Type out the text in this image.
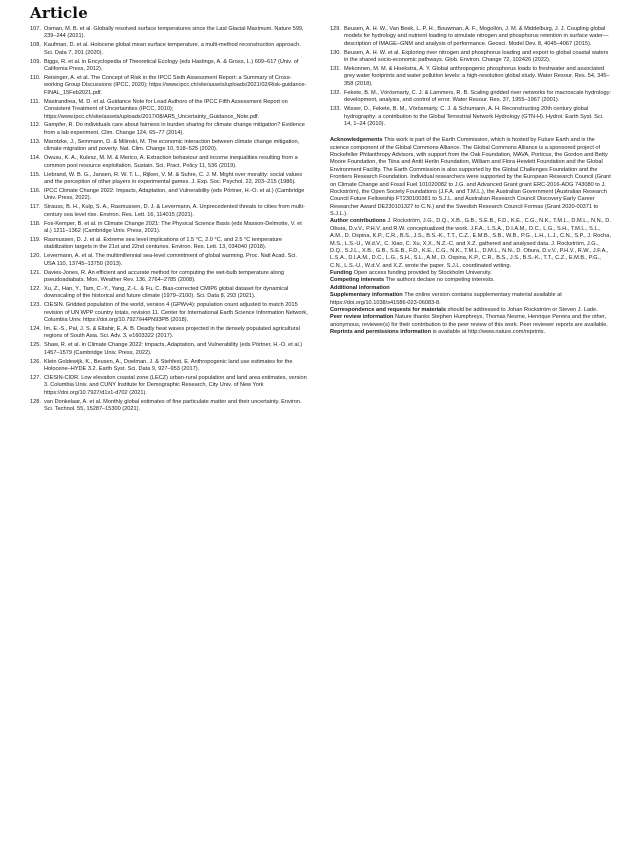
Article
107. Osman, M. B. et al. Globally resolved surface temperatures since the Last Glacial Maximum. Nature 599, 239–244 (2021).
108. Kaufman, D. et al. Holocene global mean surface temperature, a multi-method reconstruction approach. Sci. Data 7, 201 (2020).
109. Biggs, R. et al. in Encyclopedia of Theoretical Ecology (eds Hastings, A. & Gross, L.) 609–617 (Univ. of California Press, 2012).
110. Reisinger, A. et al. The Concept of Risk in the IPCC Sixth Assessment Report: a Summary of Cross-working Group Discussions (IPCC, 2020); https://www.ipcc.ch/site/assets/uploads/2021/02/Risk-guidance-FINAL_15Feb2021.pdf.
111. Mastrandrea, M. D. et al. Guidance Note for Lead Authors of the IPCC Fifth Assessment Report on Consistent Treatment of Uncertainties (IPCC, 2010); https://www.ipcc.ch/site/assets/uploads/2017/08/AR5_Uncertainty_Guidance_Note.pdf.
112. Gampfer, R. Do individuals care about fairness in burden sharing for climate change mitigation? Evidence from a lab experiment. Clim. Change 124, 65–77 (2014).
113. Marotzke, J., Semmann, D. & Milinski, M. The economic interaction between climate change mitigation, climate migration and poverty. Nat. Clim. Change 10, 518–525 (2020).
114. Owusu, K. A., Kulesz, M. M. & Merico, A. Extraction behaviour and income inequalities resulting from a common pool resource exploitation. Sustain. Sci. Pract. Policy 11, 536 (2019).
115. Liebrand, W. B. G., Jansen, R. W. T. L., Rijken, V. M. & Suhre, C. J. M. Might over morality: social values and the perception of other players in experimental games. J. Exp. Soc. Psychol. 22, 203–215 (1986).
116. IPCC Climate Change 2022: Impacts, Adaptation, and Vulnerability (eds Pörtner, H.-O. et al.) (Cambridge Univ. Press, 2022).
117. Strauss, B. H., Kulp, S. A., Rasmussen, D. J. & Levermann, A. Unprecedented threats to cities from multi-century sea level rise. Environ. Res. Lett. 16, 114015 (2021).
118. Fox-Kemper, B. et al. in Climate Change 2021: The Physical Science Basis (eds Masson-Delmotte, V. et al.) 1211–1362 (Cambridge Univ. Press, 2021).
119. Rasmussen, D. J. et al. Extreme sea level implications of 1.5 °C, 2.0 °C, and 2.5 °C temperature stabilization targets in the 21st and 22nd centuries. Environ. Res. Lett. 13, 034040 (2018).
120. Levermann, A. et al. The multimillennial sea-level commitment of global warming. Proc. Natl Acad. Sci. USA 110, 13745–13750 (2013).
121. Davies-Jones, R. An efficient and accurate method for computing the wet-bulb temperature along pseudoadiabats. Mon. Weather Rev. 136, 2764–2785 (2008).
122. Xu, Z., Han, Y., Tam, C.-Y., Yang, Z.-L. & Fu, C. Bias-corrected CMIP6 global dataset for dynamical downscaling of the historical and future climate (1979–2100). Sci. Data 8, 293 (2021).
123. CIESIN. Gridded population of the world, version 4 (GPWv4): population count adjusted to match 2015 revision of UN WPP country totals, revision 11. Center for International Earth Science Information Network, Columbia Univ. https://doi.org/10.7927/H4PN93PB (2018).
124. Im, E.-S., Pal, J. S. & Eltahir, E. A. B. Deadly heat waves projected in the densely populated agricultural regions of South Asia. Sci. Adv. 3, e1603322 (2017).
125. Shaw, R. et al. in Climate Change 2022: Impacts, Adaptation, and Vulnerability (eds Pörtner, H.-O. et al.) 1457–1579 (Cambridge Univ. Press, 2022).
126. Klein Goldewijk, K., Beusen, A., Doelman, J. & Stehfest, E. Anthropogenic land use estimates for the Holocene–HYDE 3.2. Earth Syst. Sci. Data 9, 927–953 (2017).
127. CIESIN-CIDR. Low elevation coastal zone (LECZ) urban-rural population and land area estimates, version 3. Columbia Univ. and CUNY Institute for Demographic Research, City Univ. of New York https://doi.org/10.7927/d1x1-d702 (2021).
128. van Donkelaar, A. et al. Monthly global estimates of fine particulate matter and their uncertainty. Environ. Sci. Technol. 55, 15287–15300 (2021).
129. Beusen, A. H. W., Van Beek, L. P. H., Bouwman, A. F., Mogollón, J. M. & Middelburg, J. J. Coupling global models for hydrology and nutrient loading to simulate nitrogen and phosphorus retention in surface water—description of IMAGE–GNM and analysis of performance. Geosci. Model Dev. 8, 4045–4067 (2015).
130. Beusen, A. H. W. et al. Exploring river nitrogen and phosphorus loading and export to global coastal waters in the shared socio-economic pathways. Glob. Environ. Change 72, 102426 (2022).
131. Mekonnen, M. M. & Hoekstra, A. Y. Global anthropogenic phosphorus loads to freshwater and associated grey water footprints and water pollution levels: a high-resolution global study. Water Resour. Res. 54, 345–358 (2018).
132. Fekete, B. M., Vörösmarty, C. J. & Lammers, R. B. Scaling gridded river networks for macroscale hydrology: development, analysis, and control of error. Water Resour. Res. 37, 1955–1967 (2001).
133. Wisser, D., Fekete, B. M., Vörösmarty, C. J. & Schumann, A. H. Reconstructing 20th century global hydrography: a contribution to the Global Terrestrial Network Hydrology (GTN-H). Hydrol. Earth Syst. Sci. 14, 1–24 (2010).

Acknowledgements This work is part of the Earth Commission, which is hosted by Future Earth and is the science component of the Global Commons Alliance. The Global Commons Alliance is a sponsored project of Rockefeller Philanthropy Advisors, with support from the Oak Foundation, MAVA, Porticus, the Gordon and Betty Moore Foundation, the Tiina and Antti Herlin Foundation, William and Flora Hewlett Foundation and the Global Environment Facility. The Earth Commission is also supported by the Global Challenges Foundation and the Frontiers Research Foundation. Individual researchers were supported by the European Research Council (Grant on Climate Change and Fossil Fuel 101020082 to J.G. and Advanced Grant grant ERC-2016-ADG 743080 to J. Rockström), the Open Society Foundations (J.F.A. and T.M.L.), the Australian Government (Australian Research Council Future Fellowship FT230100381 to S.J.L. and Australian Research Council Discovery Early Career Researcher Award DE230101327 to C.N.) and the Swedish Research Council Formas (Grant 2020-00371 to S.J.L.).

Author contributions J. Rockström, J.G., D.Q., X.B., G.B., S.E.B., F.D., K.E., C.G., N.K., T.M.L., D.M.L., N.N., D. Obura, D.v.V., P.H.V. and R.W. conceptualized the work. J.F.A., L.S.A., D.I.A.M., D.C., L.G., S.H., T.M.L., S.L., A.M., D. Ospina, K.P., C.R., B.S., J.S., B.S.-K., T.T., C.Z., E.M.B., S.B., W.B., P.G., L.H., L.J., C.N., S.P., J. Rocha, M.S., L.S.-U., W.d.V., C. Xiao, C. Xu, X.X., N.Z.-C. and X.Z. gathered and analysed data. J. Rockström, J.G., D.Q., S.J.L., X.B., G.B., S.E.B., F.D., K.E., C.G., N.K., T.M.L., D.M.L., N.N., D. Obura, D.v.V., P.H.V., R.W., J.F.A., L.S.A., D.I.A.M., D.C., L.G., S.H., S.L., A.M., D. Ospina, K.P., C.R., B.S., J.S., B.S.-K., T.T., C.Z., E.M.B., P.G., C.N., L.S.-U., W.d.V. and X.Z. wrote the paper. S.J.L. coordinated writing.

Funding Open access funding provided by Stockholm University.

Competing interests The authors declare no competing interests.

Additional information

Supplementary information The online version contains supplementary material available at https://doi.org/10.1038/s41586-023-06083-8.

Correspondence and requests for materials should be addressed to Johan Rockström or Steven J. Lade.

Peer review information Nature thanks Stephen Humphreys, Thomas Nesme, Henrique Pereira and the other, anonymous, reviewer(s) for their contribution to the peer review of this work. Peer reviewer reports are available.

Reprints and permissions information is available at http://www.nature.com/reprints.
